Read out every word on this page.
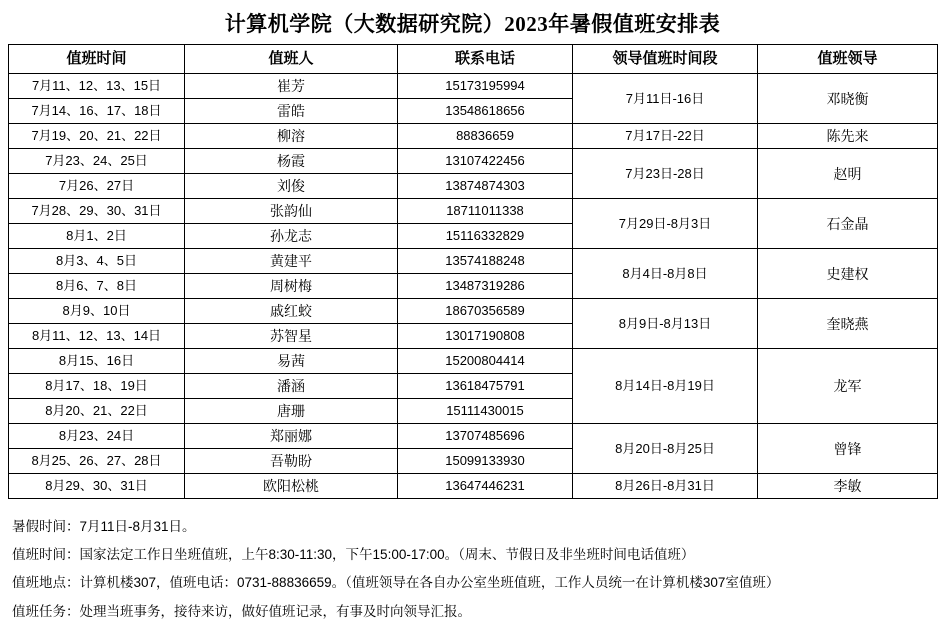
计算机学院（大数据研究院）2023年暑假值班安排表
值班时间	值班人	联系电话	领导值班时间段	值班领导
7月11、12、13、15日	崔芳	15173195994	7月11日-16日	邓晓衡
7月14、16、17、18日	雷皓	13548618656		
7月19、20、21、22日	柳溶	88836659	7月17日-22日	陈先来
7月23、24、25日	杨霞	13107422456	7月23日-28日	赵明
7月26、27日	刘俊	13874874303		
7月28、29、30、31日	张韵仙	18711011338	7月29日-8月3日	石金晶
8月1、2日	孙龙志	15116332829		
8月3、4、5日	黄建平	13574188248	8月4日-8月8日	史建权
8月6、7、8日	周树梅	13487319286		
8月9、10日	戚红蛟	18670356589	8月9日-8月13日	奎晓燕
8月11、12、13、14日	苏智星	13017190808		
8月15、16日	易茜	15200804414	8月14日-8月19日	龙军
8月17、18、19日	潘涵	13618475791		
8月20、21、22日	唐珊	15111430015		
8月23、24日	郑丽娜	13707485696	8月20日-8月25日	曾锋
8月25、26、27、28日	吾勒盼	15099133930		
8月29、30、31日	欧阳松桃	13647446231	8月26日-8月31日	李敏
暑假时间：7月11日-8月31日。
值班时间：国家法定工作日坐班值班，上午8:30-11:30，下午15:00-17:00。（周末、节假日及非坐班时间电话值班）
值班地点：计算机楼307，值班电话：0731-88836659。（值班领导在各自办公室坐班值班，工作人员统一在计算机楼307室值班）
值班任务：处理当班事务，接待来访，做好值班记录，有事及时向领导汇报。
